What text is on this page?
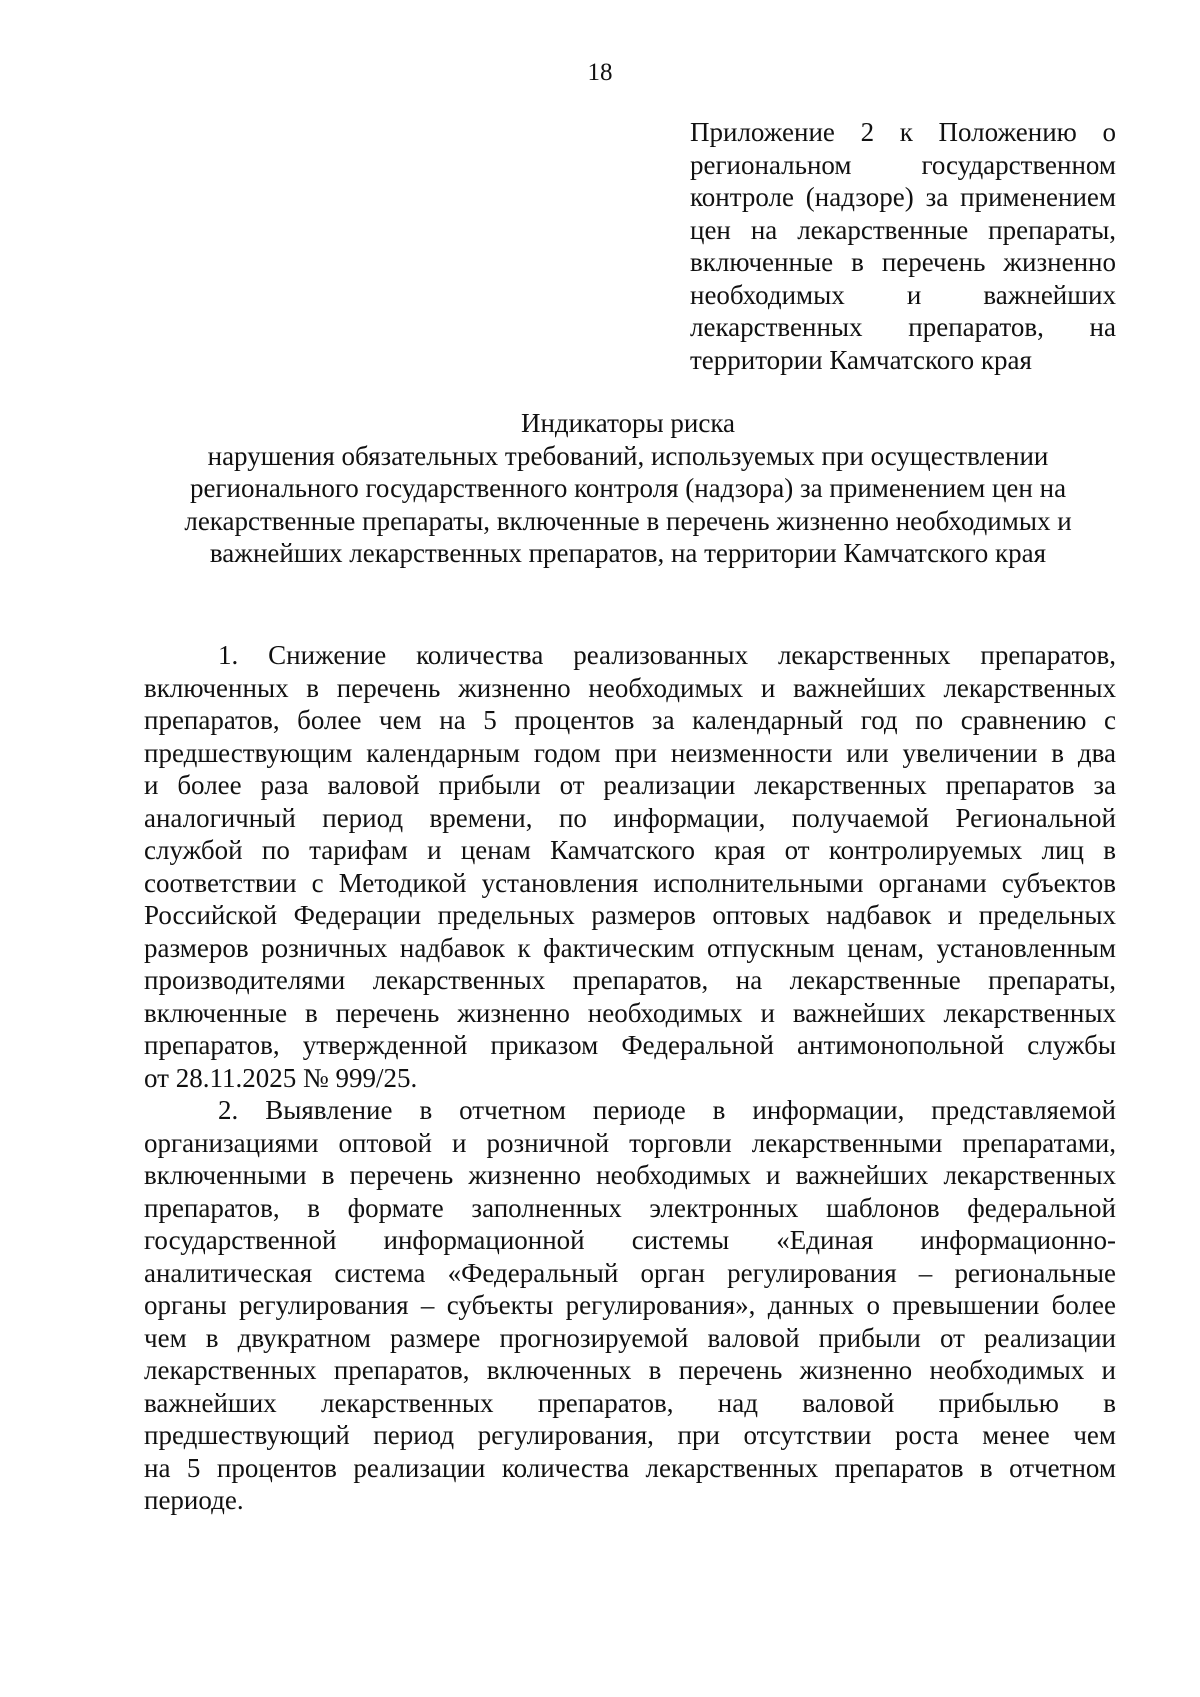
18
Приложение 2 к Положению о
региональном государственном
контроле (надзоре) за применением
цен на лекарственные препараты,
включенные в перечень жизненно
необходимых и важнейших
лекарственных препаратов, на
территории Камчатского края

Индикаторы риска

нарушения обязательных требований, используемых при осуществлении

регионального государственного контроля (надзора) за применением цен на

лекарственные препараты, включенные в перечень жизненно необходимых и

важнейших лекарственных препаратов, на территории Камчатского края

1. Снижение количества реализованных лекарственных препаратов,
включенных в перечень жизненно необходимых и важнейших лекарственных
препаратов, более чем на 5 процентов за календарный год по сравнению с
предшествующим календарным годом при неизменности или увеличении в два
и более раза валовой прибыли от реализации лекарственных препаратов за
аналогичный период времени, по информации, получаемой Региональной
службой по тарифам и ценам Камчатского края от контролируемых лиц в
соответствии с Методикой установления исполнительными органами субъектов
Российской Федерации предельных размеров оптовых надбавок и предельных
размеров розничных надбавок к фактическим отпускным ценам, установленным
производителями лекарственных препаратов, на лекарственные препараты,
включенные в перечень жизненно необходимых и важнейших лекарственных
препаратов, утвержденной приказом Федеральной антимонопольной службы
от 28.11.2025 № 999/25.
2. Выявление в отчетном периоде в информации, представляемой
организациями оптовой и розничной торговли лекарственными препаратами,
включенными в перечень жизненно необходимых и важнейших лекарственных
препаратов, в формате заполненных электронных шаблонов федеральной
государственной информационной системы «Единая информационно-
аналитическая система «Федеральный орган регулирования – региональные
органы регулирования – субъекты регулирования», данных о превышении более
чем в двукратном размере прогнозируемой валовой прибыли от реализации
лекарственных препаратов, включенных в перечень жизненно необходимых и
важнейших лекарственных препаратов, над валовой прибылью в
предшествующий период регулирования, при отсутствии роста менее чем
на 5 процентов реализации количества лекарственных препаратов в отчетном
периоде.
